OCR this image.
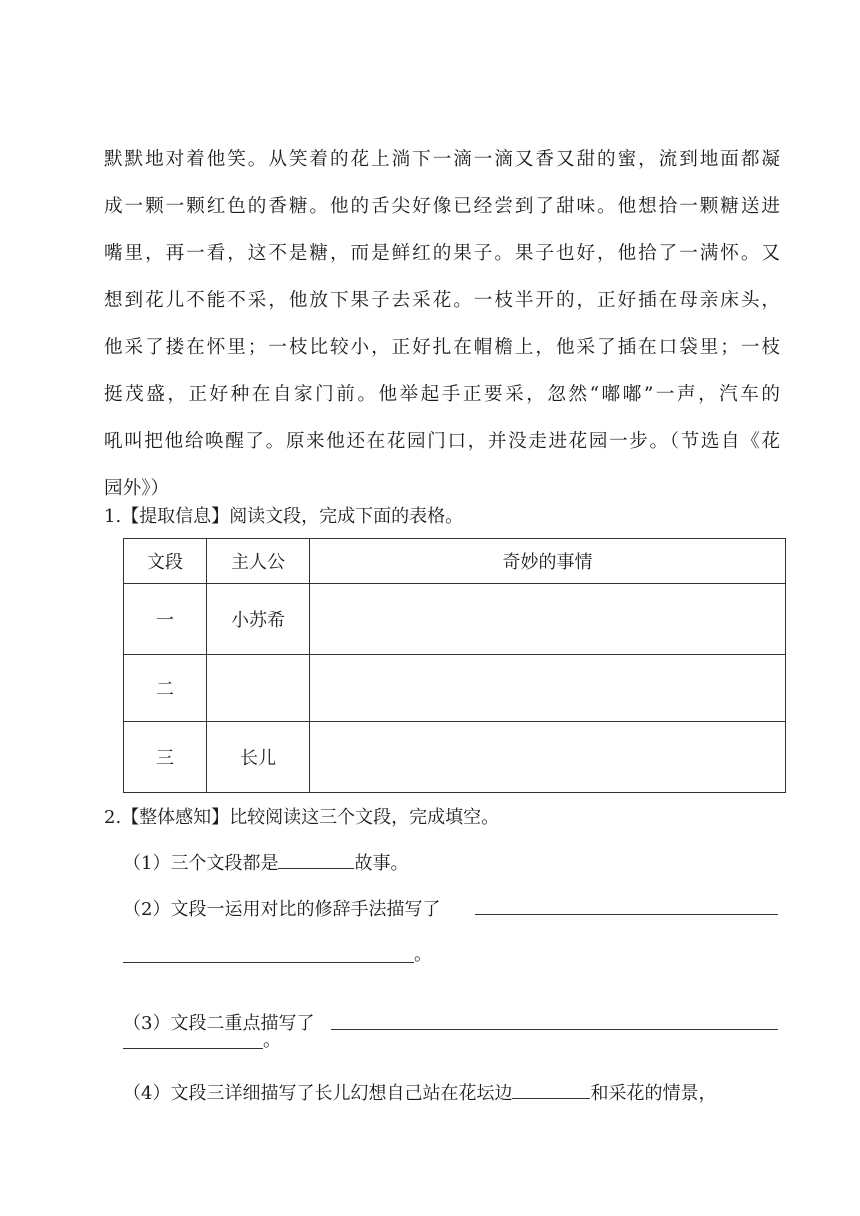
默默地对着他笑。从笑着的花上淌下一滴一滴又香又甜的蜜，流到地面都凝
成一颗一颗红色的香糖。他的舌尖好像已经尝到了甜味。他想拾一颗糖送进
嘴里，再一看，这不是糖，而是鲜红的果子。果子也好，他拾了一满怀。又
想到花儿不能不采，他放下果子去采花。一枝半开的，正好插在母亲床头，
他采了搂在怀里；一枝比较小，正好扎在帽檐上，他采了插在口袋里；一枝
挺茂盛，正好种在自家门前。他举起手正要采，忽然“嘟嘟”一声，汽车的
吼叫把他给唤醒了。原来他还在花园门口，并没走进花园一步。（节选自《花
园外》）
1.【提取信息】阅读文段，完成下面的表格。
文段	主人公	奇妙的事情
一	小苏希	
二		
三	长儿	
2.【整体感知】比较阅读这三个文段，完成填空。
（1）三个文段都是	故事。
（2）文段一运用对比的修辞手法描写了
。
（3）文段二重点描写了
。
（4）文段三详细描写了长儿幻想自己站在花坛边	和采花的情景，
